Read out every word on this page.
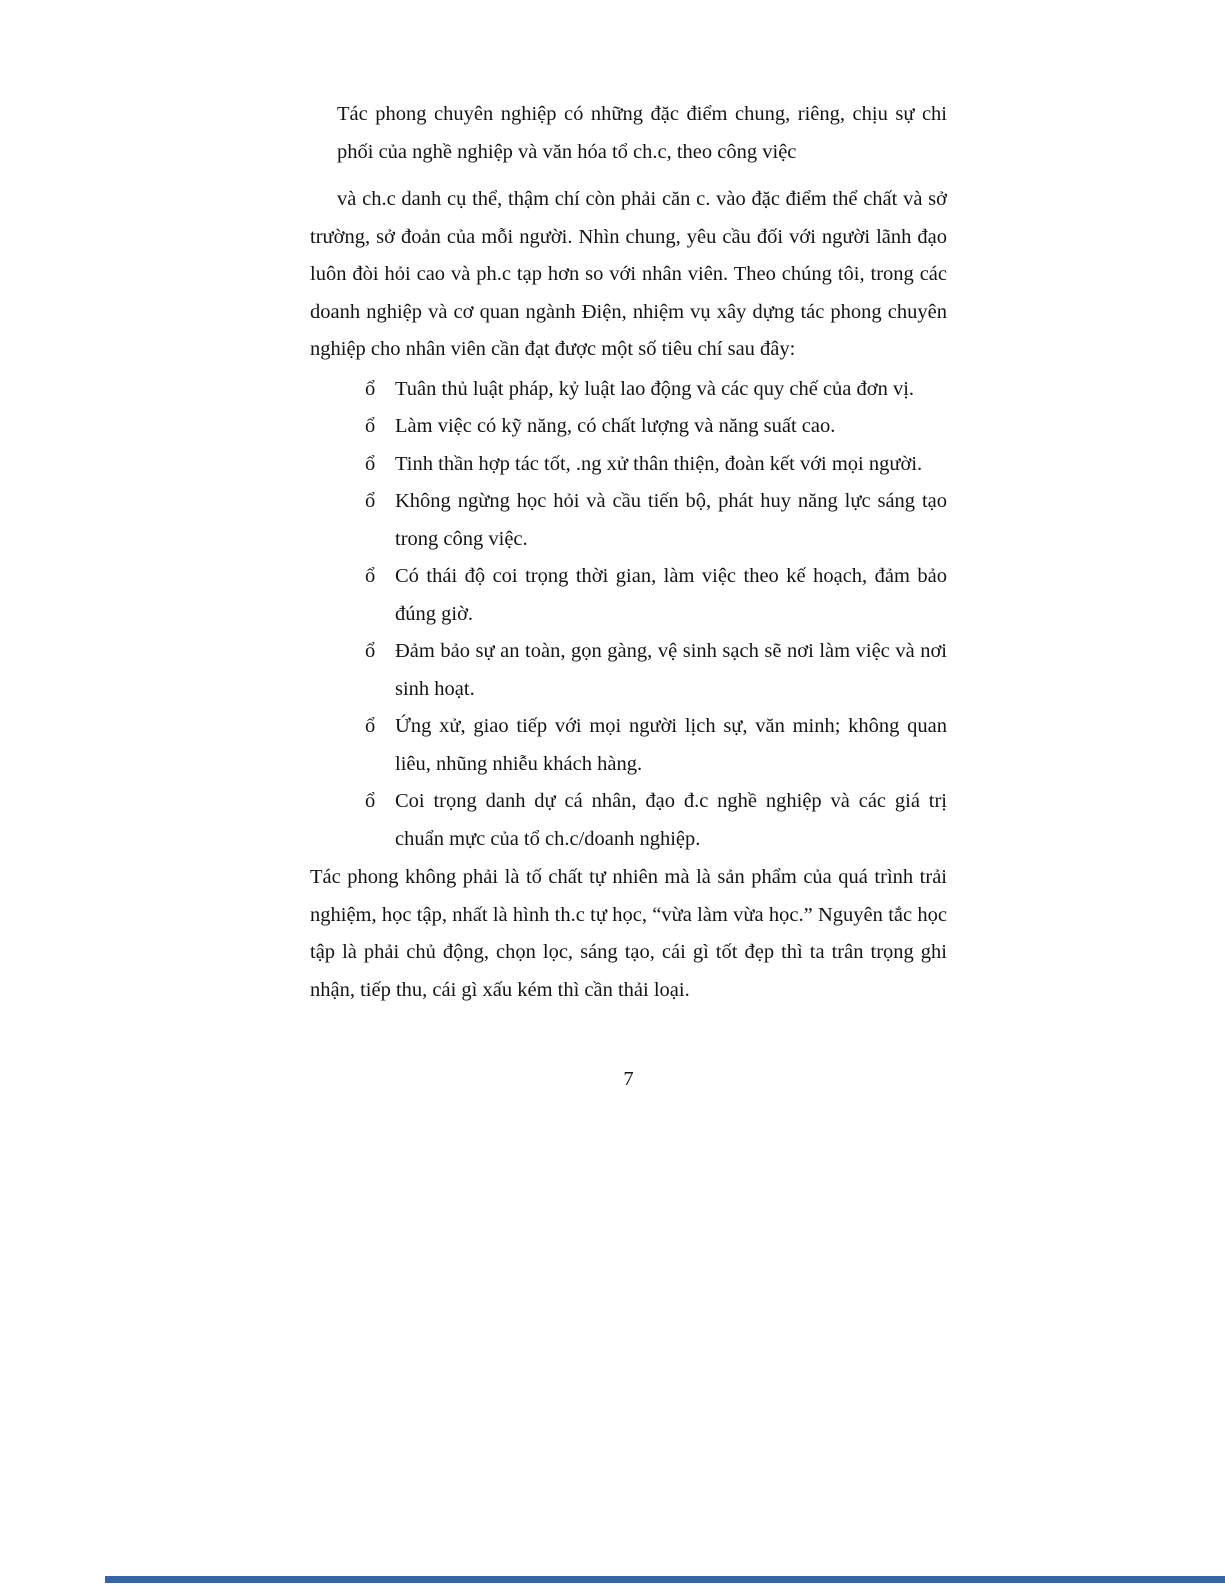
Tác phong chuyên nghiệp có những đặc điểm chung, riêng, chịu sự chi phối của nghề nghiệp và văn hóa tổ ch.c, theo công việc

và ch.c danh cụ thể, thậm chí còn phải căn c. vào đặc điểm thể chất và sở trường, sở đoản của mỗi người. Nhìn chung, yêu cầu đối với người lãnh đạo luôn đòi hỏi cao và ph.c tạp hơn so với nhân viên. Theo chúng tôi, trong các doanh nghiệp và cơ quan ngành Điện, nhiệm vụ xây dựng tác phong chuyên nghiệp cho nhân viên cần đạt được một số tiêu chí sau đây:

ổ Tuân thủ luật pháp, kỷ luật lao động và các quy chế của đơn vị.
ổ Làm việc có kỹ năng, có chất lượng và năng suất cao.
ổ Tinh thần hợp tác tốt, .ng xử thân thiện, đoàn kết với mọi người.
ổ Không ngừng học hỏi và cầu tiến bộ, phát huy năng lực sáng tạo trong công việc.
ổ Có thái độ coi trọng thời gian, làm việc theo kế hoạch, đảm bảo đúng giờ.
ổ Đảm bảo sự an toàn, gọn gàng, vệ sinh sạch sẽ nơi làm việc và nơi sinh hoạt.
ổ Ứng xử, giao tiếp với mọi người lịch sự, văn minh; không quan liêu, nhũng nhiễu khách hàng.
ổ Coi trọng danh dự cá nhân, đạo đ.c nghề nghiệp và các giá trị chuẩn mực của tổ ch.c/doanh nghiệp.

Tác phong không phải là tố chất tự nhiên mà là sản phẩm của quá trình trải nghiệm, học tập, nhất là hình th.c tự học, “vừa làm vừa học.” Nguyên tắc học tập là phải chủ động, chọn lọc, sáng tạo, cái gì tốt đẹp thì ta trân trọng ghi nhận, tiếp thu, cái gì xấu kém thì cần thải loại.

7
